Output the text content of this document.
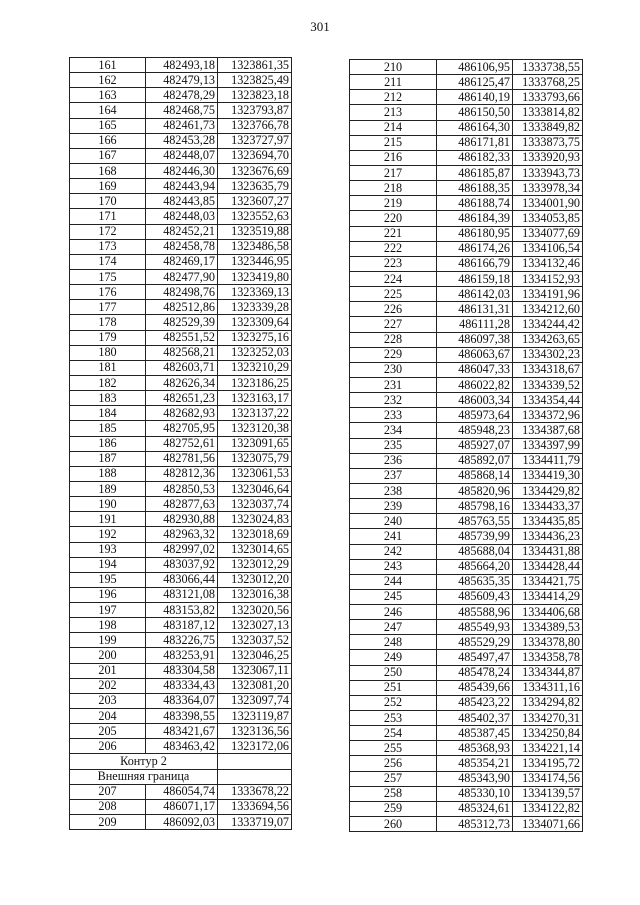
301
161	482493,18	1323861,35
162	482479,13	1323825,49
163	482478,29	1323823,18
164	482468,75	1323793,87
165	482461,73	1323766,78
166	482453,28	1323727,97
167	482448,07	1323694,70
168	482446,30	1323676,69
169	482443,94	1323635,79
170	482443,85	1323607,27
171	482448,03	1323552,63
172	482452,21	1323519,88
173	482458,78	1323486,58
174	482469,17	1323446,95
175	482477,90	1323419,80
176	482498,76	1323369,13
177	482512,86	1323339,28
178	482529,39	1323309,64
179	482551,52	1323275,16
180	482568,21	1323252,03
181	482603,71	1323210,29
182	482626,34	1323186,25
183	482651,23	1323163,17
184	482682,93	1323137,22
185	482705,95	1323120,38
186	482752,61	1323091,65
187	482781,56	1323075,79
188	482812,36	1323061,53
189	482850,53	1323046,64
190	482877,63	1323037,74
191	482930,88	1323024,83
192	482963,32	1323018,69
193	482997,02	1323014,65
194	483037,92	1323012,29
195	483066,44	1323012,20
196	483121,08	1323016,38
197	483153,82	1323020,56
198	483187,12	1323027,13
199	483226,75	1323037,52
200	483253,91	1323046,25
201	483304,58	1323067,11
202	483334,43	1323081,20
203	483364,07	1323097,74
204	483398,55	1323119,87
205	483421,67	1323136,56
206	483463,42	1323172,06
Контур 2		
Внешняя граница		
207	486054,74	1333678,22
208	486071,17	1333694,56
209	486092,03	1333719,07
210	486106,95	1333738,55
211	486125,47	1333768,25
212	486140,19	1333793,66
213	486150,50	1333814,82
214	486164,30	1333849,82
215	486171,81	1333873,75
216	486182,33	1333920,93
217	486185,87	1333943,73
218	486188,35	1333978,34
219	486188,74	1334001,90
220	486184,39	1334053,85
221	486180,95	1334077,69
222	486174,26	1334106,54
223	486166,79	1334132,46
224	486159,18	1334152,93
225	486142,03	1334191,96
226	486131,31	1334212,60
227	486111,28	1334244,42
228	486097,38	1334263,65
229	486063,67	1334302,23
230	486047,33	1334318,67
231	486022,82	1334339,52
232	486003,34	1334354,44
233	485973,64	1334372,96
234	485948,23	1334387,68
235	485927,07	1334397,99
236	485892,07	1334411,79
237	485868,14	1334419,30
238	485820,96	1334429,82
239	485798,16	1334433,37
240	485763,55	1334435,85
241	485739,99	1334436,23
242	485688,04	1334431,88
243	485664,20	1334428,44
244	485635,35	1334421,75
245	485609,43	1334414,29
246	485588,96	1334406,68
247	485549,93	1334389,53
248	485529,29	1334378,80
249	485497,47	1334358,78
250	485478,24	1334344,87
251	485439,66	1334311,16
252	485423,22	1334294,82
253	485402,37	1334270,31
254	485387,45	1334250,84
255	485368,93	1334221,14
256	485354,21	1334195,72
257	485343,90	1334174,56
258	485330,10	1334139,57
259	485324,61	1334122,82
260	485312,73	1334071,66
